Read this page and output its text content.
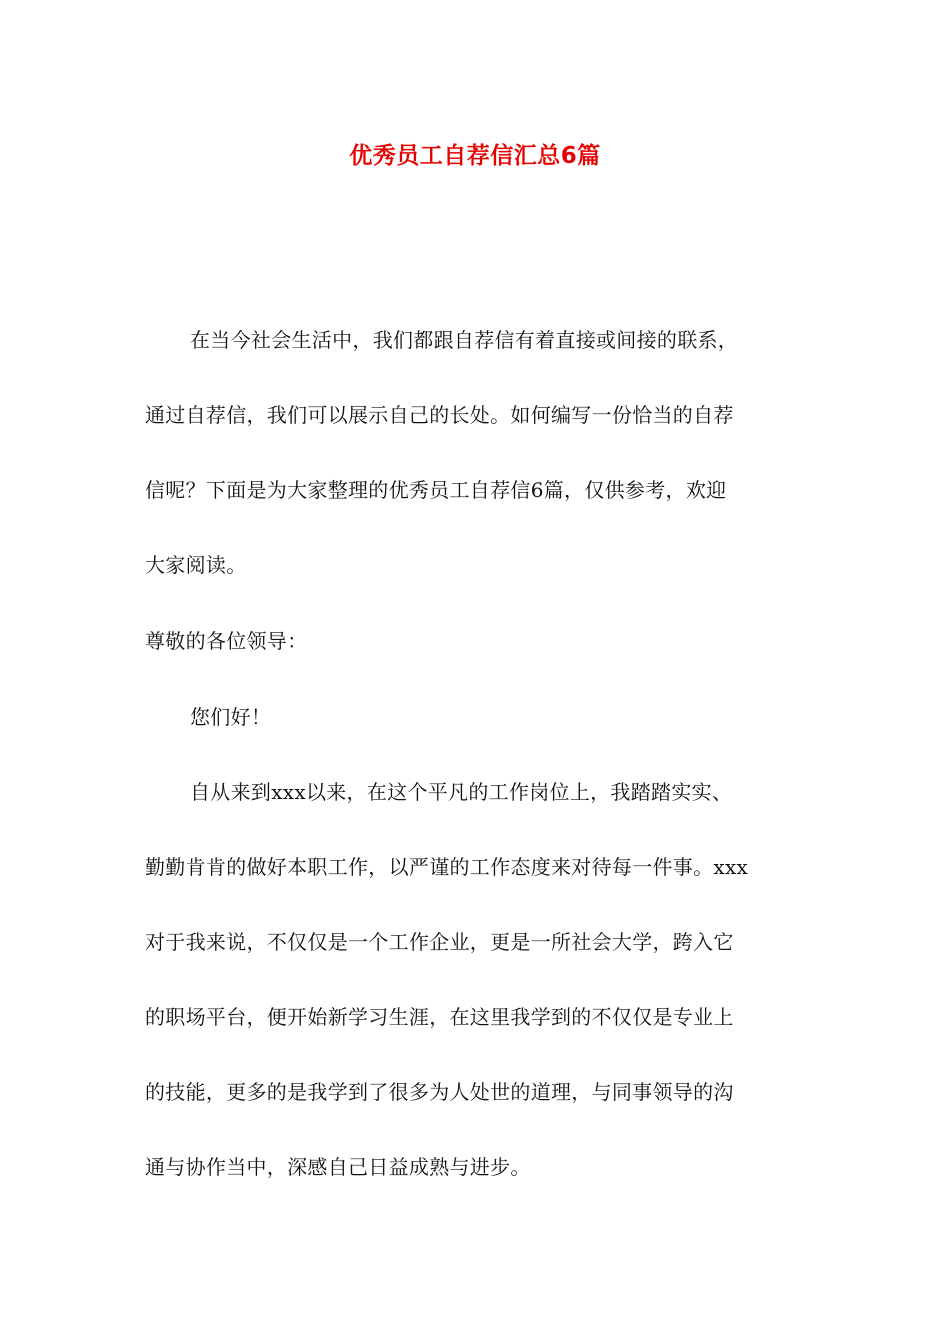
优秀员工自荐信汇总6篇
在当今社会生活中，我们都跟自荐信有着直接或间接的联系，
通过自荐信，我们可以展示自己的长处。如何编写一份恰当的自荐
信呢？下面是为大家整理的优秀员工自荐信6篇，仅供参考，欢迎
大家阅读。
尊敬的各位领导：
您们好！
自从来到xxx以来，在这个平凡的工作岗位上，我踏踏实实、
勤勤肯肯的做好本职工作，以严谨的工作态度来对待每一件事。xxx
对于我来说，不仅仅是一个工作企业，更是一所社会大学，跨入它
的职场平台，便开始新学习生涯，在这里我学到的不仅仅是专业上
的技能，更多的是我学到了很多为人处世的道理，与同事领导的沟
通与协作当中，深感自己日益成熟与进步。
